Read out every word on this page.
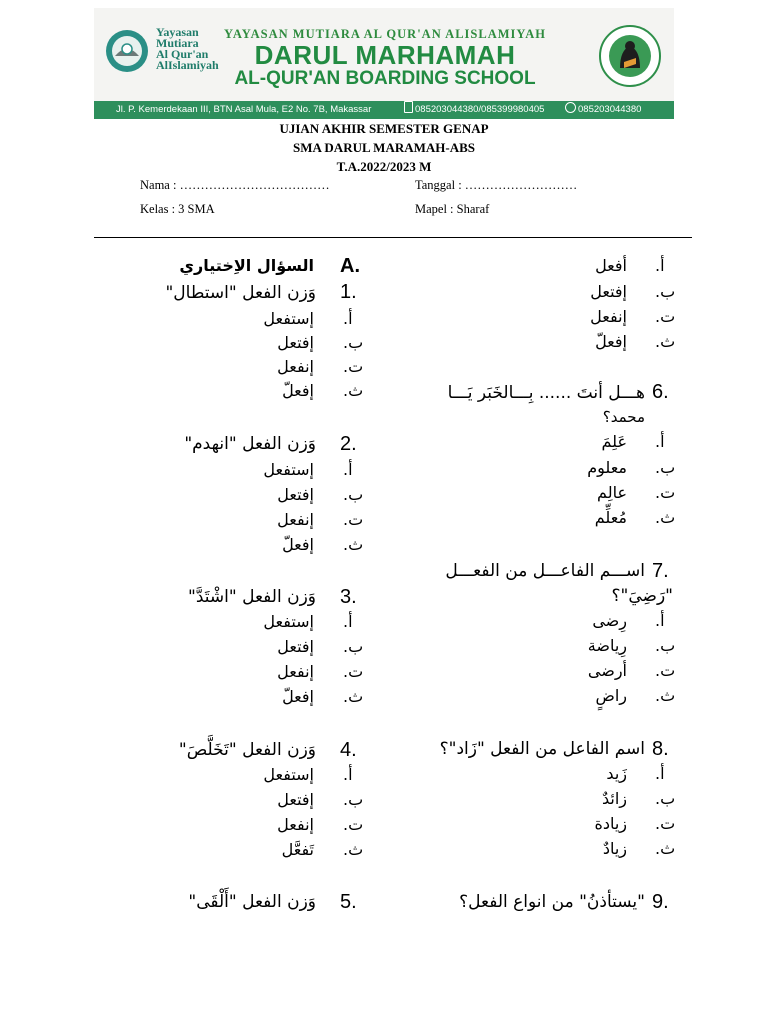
Yayasan
Mutiara
Al Qur'an
AlIslamiyah
YAYASAN MUTIARA AL QUR'AN ALISLAMIYAH
DARUL MARHAMAH
AL-QUR'AN BOARDING SCHOOL
Jl. P. Kemerdekaan III, BTN Asal Mula, E2 No. 7B, Makassar	085203044380/085399980405	085203044380
UJIAN AKHIR SEMESTER GENAP
SMA DARUL MARAMAH-ABS
T.A.2022/2023 M
Nama : ………………………………	Tanggal : ………………………
Kelas : 3 SMA	Mapel : Sharaf
A.
السؤال الاِختياري
1.
وَزن الفعل "استطال"
أ.
إستفعل
ب.
إفتعل
ت.
إنفعل
ث.
إفعلّ
2.
وَزن الفعل "انهدم"
أ.
إستفعل
ب.
إفتعل
ت.
إنفعل
ث.
إفعلّ
3.
وَزن الفعل "اشْتَدَّ"
أ.
إستفعل
ب.
إفتعل
ت.
إنفعل
ث.
إفعلّ
4.
وَزن الفعل "تَخَلَّصَ"
أ.
إستفعل
ب.
إفتعل
ت.
إنفعل
ث.
تَفعَّل
5.
وَزن الفعل "أَلْقَى"
أ.
أفعل
ب.
إفتعل
ت.
إنفعل
ث.
إفعلّ
6.
هـــل أنتَ ...... بِـــالخَبَر يَـــا
محمد؟
أ.
عَلِمَ
ب.
معلوم
ت.
عالِم
ث.
مُعلِّم
7.
اســـم الفاعـــل من الفعـــل
"رَضِيَ"؟
أ.
رِضى
ب.
رِياضة
ت.
أرضى
ث.
راضٍ
8.
اسم الفاعل من الفعل "زَاد"؟
أ.
زَيد
ب.
زائدٌ
ت.
زيادة
ث.
زيادٌ
9.
"يستأذنُ" من انواع الفعل؟
